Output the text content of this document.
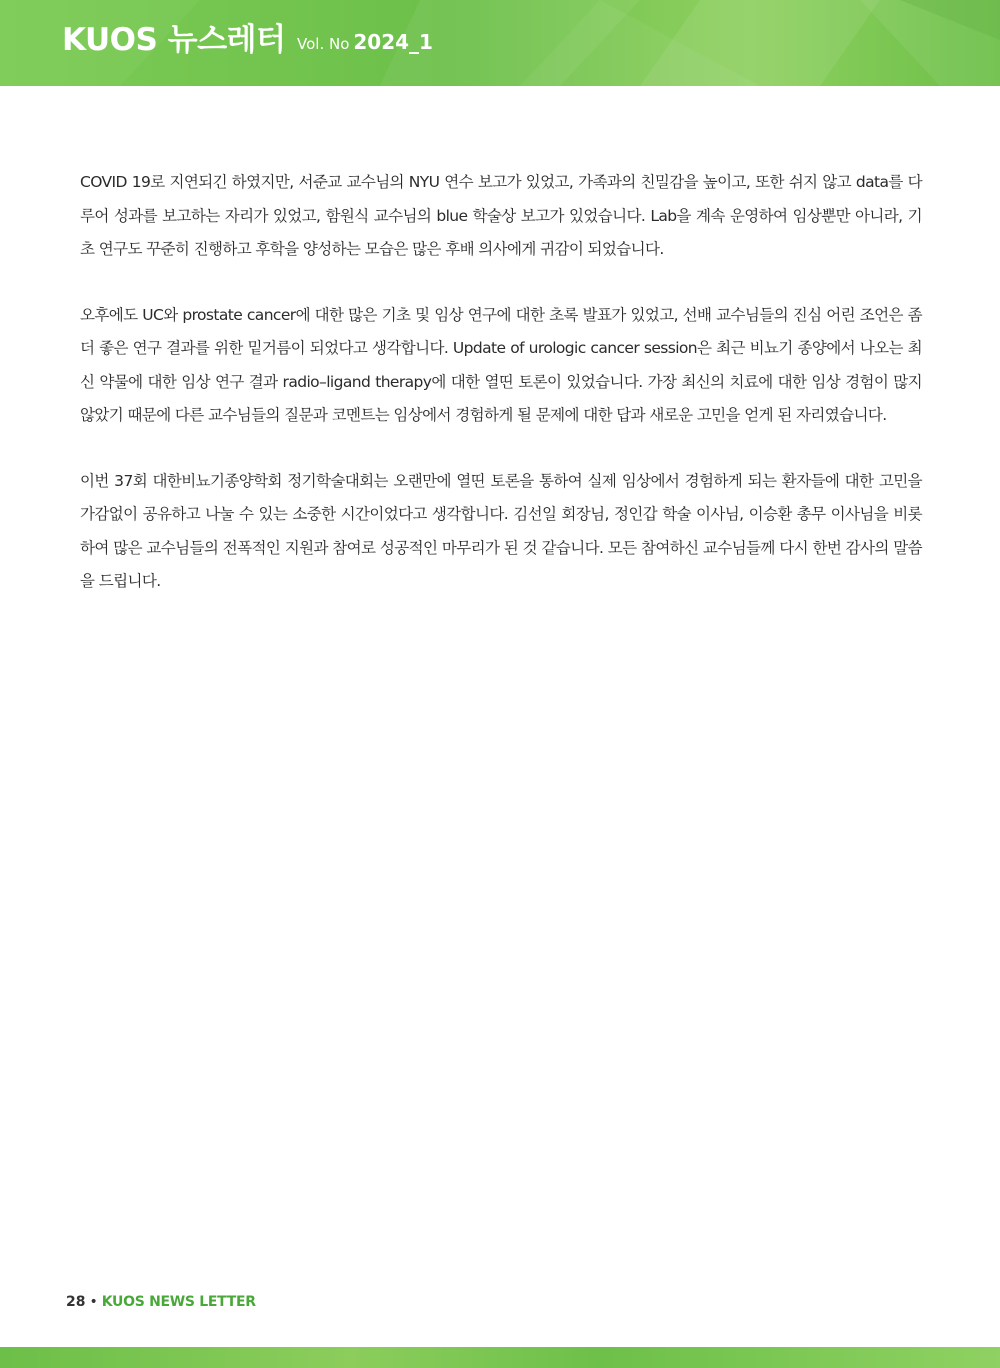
KUOS 뉴스레터 Vol. No 2024_1

COVID 19로 지연되긴 하였지만, 서준교 교수님의 NYU 연수 보고가 있었고, 가족과의 친밀감을 높이고, 또한 쉬지 않고 data를 다루어 성과를 보고하는 자리가 있었고, 함원식 교수님의 blue 학술상 보고가 있었습니다. Lab을 계속 운영하여 임상뿐만 아니라, 기초 연구도 꾸준히 진행하고 후학을 양성하는 모습은 많은 후배 의사에게 귀감이 되었습니다.

오후에도 UC와 prostate cancer에 대한 많은 기초 및 임상 연구에 대한 초록 발표가 있었고, 선배 교수님들의 진심 어린 조언은 좀 더 좋은 연구 결과를 위한 밑거름이 되었다고 생각합니다. Update of urologic cancer session은 최근 비뇨기 종양에서 나오는 최신 약물에 대한 임상 연구 결과 radio–ligand therapy에 대한 열띤 토론이 있었습니다. 가장 최신의 치료에 대한 임상 경험이 많지 않았기 때문에 다른 교수님들의 질문과 코멘트는 임상에서 경험하게 될 문제에 대한 답과 새로운 고민을 얻게 된 자리였습니다.

이번 37회 대한비뇨기종양학회 정기학술대회는 오랜만에 열띤 토론을 통하여 실제 임상에서 경험하게 되는 환자들에 대한 고민을 가감없이 공유하고 나눌 수 있는 소중한 시간이었다고 생각합니다. 김선일 회장님, 정인갑 학술 이사님, 이승환 총무 이사님을 비롯하여 많은 교수님들의 전폭적인 지원과 참여로 성공적인 마무리가 된 것 같습니다. 모든 참여하신 교수님들께 다시 한번 감사의 말씀을 드립니다.

28 • KUOS NEWS LETTER
